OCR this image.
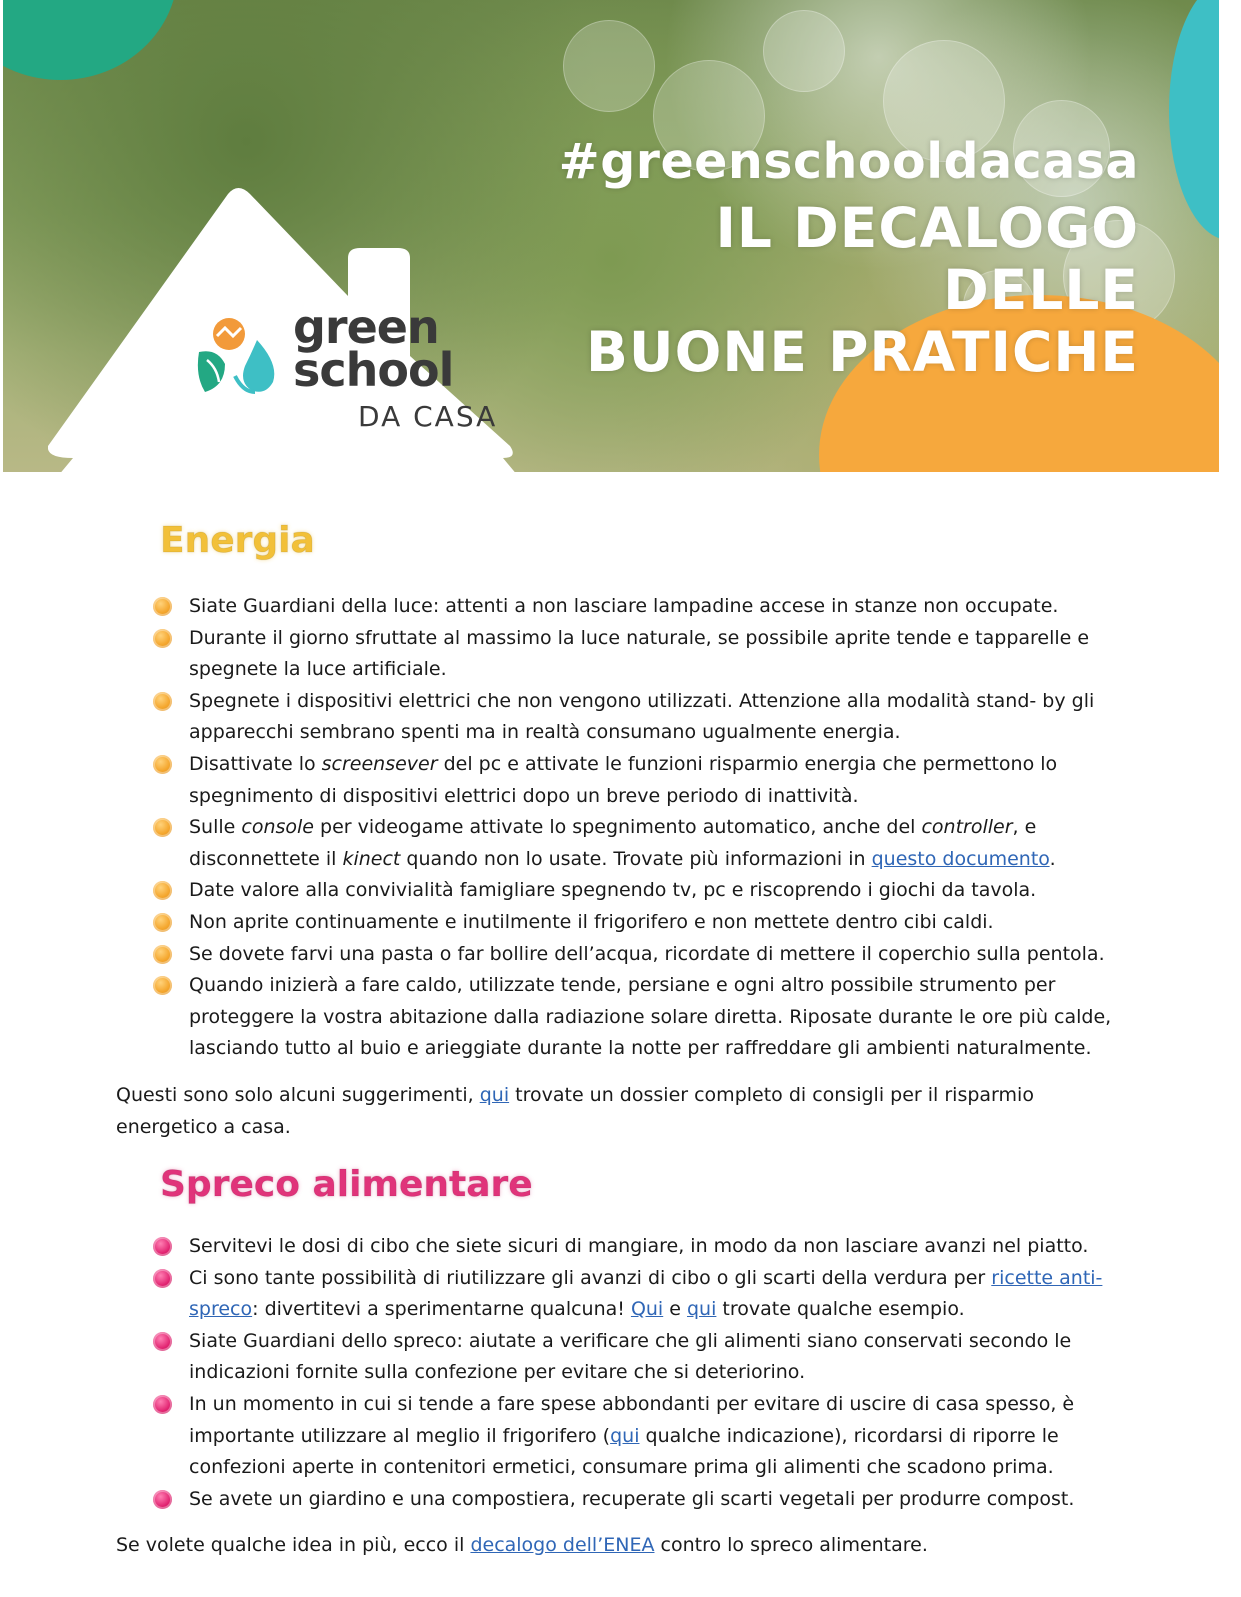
green
school
DA CASA
#greenschooldacasa
IL DECALOGO DELLE
BUONE PRATICHE
Energia
Siate Guardiani della luce: attenti a non lasciare lampadine accese in stanze non occupate.
Durante il giorno sfruttate al massimo la luce naturale, se possibile aprite tende e tapparelle e spegnete la luce artificiale.
Spegnete i dispositivi elettrici che non vengono utilizzati. Attenzione alla modalità stand- by gli apparecchi sembrano spenti ma in realtà consumano ugualmente energia.
Disattivate lo screensever del pc e attivate le funzioni risparmio energia che permettono lo spegnimento di dispositivi elettrici dopo un breve periodo di inattività.
Sulle console per videogame attivate lo spegnimento automatico, anche del controller, e disconnettete il kinect quando non lo usate. Trovate più informazioni in questo documento.
Date valore alla convivialità famigliare spegnendo tv, pc e riscoprendo i giochi da tavola.
Non aprite continuamente e inutilmente il frigorifero e non mettete dentro cibi caldi.
Se dovete farvi una pasta o far bollire dell’acqua, ricordate di mettere il coperchio sulla pentola.
Quando inizierà a fare caldo, utilizzate tende, persiane e ogni altro possibile strumento per proteggere la vostra abitazione dalla radiazione solare diretta. Riposate durante le ore più calde, lasciando tutto al buio e arieggiate durante la notte per raffreddare gli ambienti naturalmente.

Questi sono solo alcuni suggerimenti, qui trovate un dossier completo di consigli per il risparmio energetico a casa.

Spreco alimentare
Servitevi le dosi di cibo che siete sicuri di mangiare, in modo da non lasciare avanzi nel piatto.
Ci sono tante possibilità di riutilizzare gli avanzi di cibo o gli scarti della verdura per ricette anti-spreco: divertitevi a sperimentarne qualcuna! Qui e qui trovate qualche esempio.
Siate Guardiani dello spreco: aiutate a verificare che gli alimenti siano conservati secondo le indicazioni fornite sulla confezione per evitare che si deteriorino.
In un momento in cui si tende a fare spese abbondanti per evitare di uscire di casa spesso, è importante utilizzare al meglio il frigorifero (qui qualche indicazione), ricordarsi di riporre le confezioni aperte in contenitori ermetici, consumare prima gli alimenti che scadono prima.
Se avete un giardino e una compostiera, recuperate gli scarti vegetali per produrre compost.

Se volete qualche idea in più, ecco il decalogo dell’ENEA contro lo spreco alimentare.
